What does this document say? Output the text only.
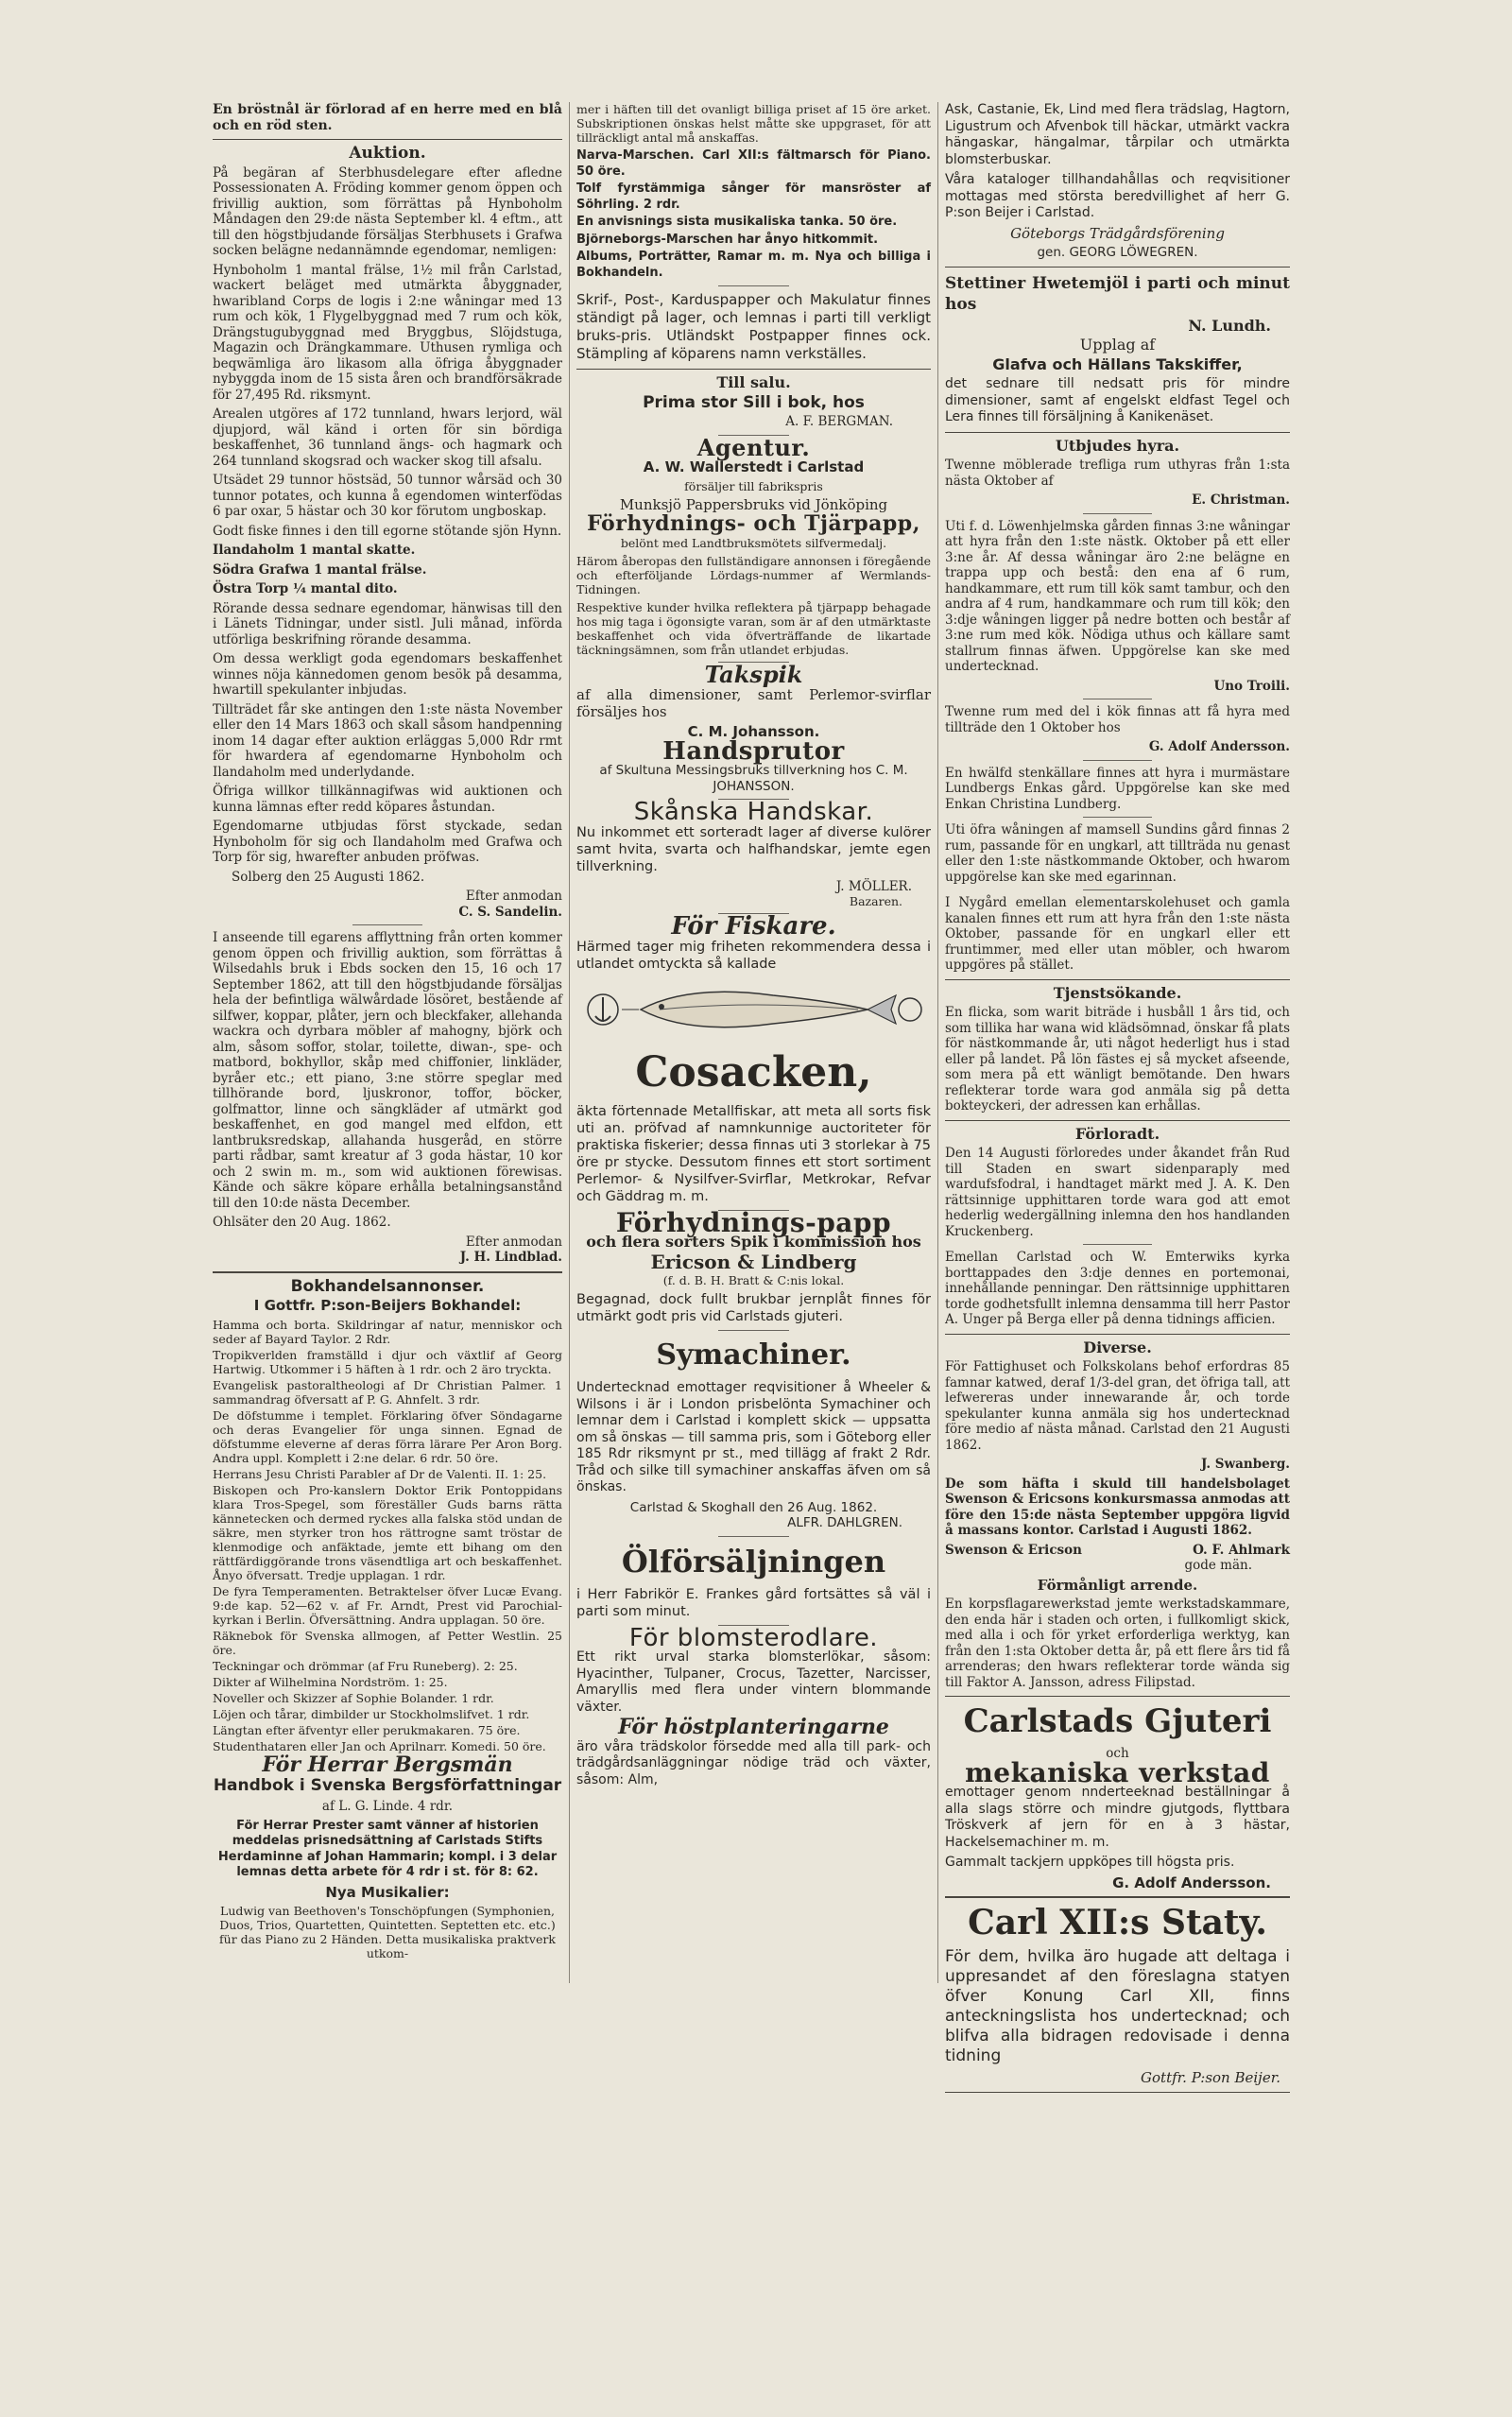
En bröstnål är förlorad af en herre med en blå och en röd sten.

Auktion.

På begäran af Sterbhusdelegare efter afledne Possessionaten A. Fröding kommer genom öppen och frivillig auktion, som förrättas på Hynboholm Måndagen den 29:de nästa September kl. 4 eftm., att till den högstbjudande försäljas Sterbhusets i Grafwa socken belägne nedannämnde egendomar, nemligen:

Hynboholm 1 mantal frälse, 1½ mil från Carlstad, wackert beläget med utmärkta åbyggnader, hwaribland Corps de logis i 2:ne wåningar med 13 rum och kök, 1 Flygelbyggnad med 7 rum och kök, Drängstugubyggnad med Bryggbus, Slöjdstuga, Magazin och Drängkammare. Uthusen rymliga och beqwämliga äro likasom alla öfriga åbyggnader nybyggda inom de 15 sista åren och brandförsäkrade för 27,495 Rd. riksmynt.

Arealen utgöres af 172 tunnland, hwars lerjord, wäl djupjord, wäl känd i orten för sin bördiga beskaffenhet, 36 tunnland ängs- och hagmark och 264 tunnland skogsrad och wacker skog till afsalu.

Utsädet 29 tunnor höstsäd, 50 tunnor wårsäd och 30 tunnor potates, och kunna å egendomen winterfödas 6 par oxar, 5 hästar och 30 kor förutom ungboskap.

Godt fiske finnes i den till egorne stötande sjön Hynn.

Ilandaholm 1 mantal skatte.

Södra Grafwa 1 mantal frälse.

Östra Torp ¼ mantal dito.

Rörande dessa sednare egendomar, hänwisas till den i Länets Tidningar, under sistl. Juli månad, införda utförliga beskrifning rörande desamma.

Om dessa werkligt goda egendomars beskaffenhet winnes nöja kännedomen genom besök på desamma, hwartill spekulanter inbjudas.

Tillträdet får ske antingen den 1:ste nästa November eller den 14 Mars 1863 och skall såsom handpenning inom 14 dagar efter auktion erläggas 5,000 Rdr rmt för hwardera af egendomarne Hynboholm och Ilandaholm med underlydande.

Öfriga willkor tillkännagifwas wid auktionen och kunna lämnas efter redd köpares åstundan.

Egendomarne utbjudas först styckade, sedan Hynboholm för sig och Ilandaholm med Grafwa och Torp för sig, hwarefter anbuden pröfwas.

Solberg den 25 Augusti 1862.

Efter anmodan

C. S. Sandelin.

I anseende till egarens afflyttning från orten kommer genom öppen och frivillig auktion, som förrättas å Wilsedahls bruk i Ebds socken den 15, 16 och 17 September 1862, att till den högstbjudande försäljas hela der befintliga wälwårdade lösöret, bestående af silfwer, koppar, plåter, jern och bleckfaker, allehanda wackra och dyrbara möbler af mahogny, björk och alm, såsom soffor, stolar, toilette, diwan-, spe- och matbord, bokhyllor, skåp med chiffonier, linkläder, byråer etc.; ett piano, 3:ne större speglar med tillhörande bord, ljuskronor, toffor, böcker, golfmattor, linne och sängkläder af utmärkt god beskaffenhet, en god mangel med elfdon, ett lantbruksredskap, allahanda husgeråd, en större parti rådbar, samt kreatur af 3 goda hästar, 10 kor och 2 swin m. m., som wid auktionen förewisas. Kände och säkre köpare erhålla betalningsanstånd till den 10:de nästa December.

Ohlsäter den 20 Aug. 1862.

Efter anmodan

J. H. Lindblad.

Bokhandelsannonser.
I Gottfr. P:son-Beijers Bokhandel:

Hamma och borta. Skildringar af natur, menniskor och seder af Bayard Taylor. 2 Rdr.

Tropikverlden framställd i djur och växtlif af Georg Hartwig. Utkommer i 5 häften à 1 rdr. och 2 äro tryckta.

Evangelisk pastoraltheologi af Dr Christian Palmer. 1 sammandrag öfversatt af P. G. Ahnfelt. 3 rdr.

De döfstumme i templet. Förklaring öfver Söndagarne och deras Evangelier för unga sinnen. Egnad de döfstumme eleverne af deras förra lärare Per Aron Borg. Andra uppl. Komplett i 2:ne delar. 6 rdr. 50 öre.

Herrans Jesu Christi Parabler af Dr de Valenti. II. 1: 25.

Biskopen och Pro-kanslern Doktor Erik Pontoppidans klara Tros-Spegel, som föreställer Guds barns rätta kännetecken och dermed ryckes alla falska stöd undan de säkre, men styrker tron hos rättrogne samt tröstar de klenmodige och anfäktade, jemte ett bihang om den rättfärdiggörande trons väsendtliga art och beskaffenhet. Ånyo öfversatt. Tredje upplagan. 1 rdr.

De fyra Temperamenten. Betraktelser öfver Lucæ Evang. 9:de kap. 52—62 v. af Fr. Arndt, Prest vid Parochial-kyrkan i Berlin. Öfversättning. Andra upplagan. 50 öre.

Räknebok för Svenska allmogen, af Petter Westlin. 25 öre.

Teckningar och drömmar (af Fru Runeberg). 2: 25.

Dikter af Wilhelmina Nordström. 1: 25.

Noveller och Skizzer af Sophie Bolander. 1 rdr.

Löjen och tårar, dimbilder ur Stockholmslifvet. 1 rdr.

Längtan efter äfventyr eller perukmakaren. 75 öre.

Studenthataren eller Jan och Aprilnarr. Komedi. 50 öre.

För Herrar Bergsmän
Handbok i Svenska Bergsförfattningar

af L. G. Linde. 4 rdr.

För Herrar Prester samt vänner af historien meddelas prisnedsättning af Carlstads Stifts Herdaminne af Johan Hammarin; kompl. i 3 delar lemnas detta arbete för 4 rdr i st. för 8: 62.

Nya Musikalier:

Ludwig van Beethoven's Tonschöpfungen (Symphonien, Duos, Trios, Quartetten, Quintetten. Septetten etc. etc.) für das Piano zu 2 Händen. Detta musikaliska praktverk utkom-

mer i häften till det ovanligt billiga priset af 15 öre arket. Subskriptionen önskas helst måtte ske uppgraset, för att tillräckligt antal må anskaffas.

Narva-Marschen. Carl XII:s fältmarsch för Piano. 50 öre.

Tolf fyrstämmiga sånger för mansröster af Söhrling. 2 rdr.

En anvisnings sista musikaliska tanka. 50 öre.

Björneborgs-Marschen har ånyo hitkommit.

Albums, Porträtter, Ramar m. m. Nya och billiga i Bokhandeln.

Skrif-, Post-, Karduspapper och Makulatur finnes ständigt på lager, och lemnas i parti till verkligt bruks-pris. Utländskt Postpapper finnes ock. Stämpling af köparens namn verkställes.

Till salu.

Prima stor Sill i bok, hos

A. F. BERGMAN.

Agentur.

A. W. Wallerstedt i Carlstad

försäljer till fabrikspris

Munksjö Pappersbruks vid Jönköping

Förhydnings- och Tjärpapp,

belönt med Landtbruksmötets silfvermedalj.

Härom åberopas den fullständigare annonsen i föregående och efterföljande Lördags-nummer af Wermlands-Tidningen.

Respektive kunder hvilka reflektera på tjärpapp behagade hos mig taga i ögonsigte varan, som är af den utmärktaste beskaffenhet och vida öfverträffande de likartade täckningsämnen, som från utlandet erbjudas.

Takspik

af alla dimensioner, samt Perlemor-svirflar försäljes hos

C. M. Johansson.

Handsprutor

af Skultuna Messingsbruks tillverkning hos C. M. JOHANSSON.

Skånska Handskar.

Nu inkommet ett sorteradt lager af diverse kulörer samt hvita, svarta och halfhandskar, jemte egen tillverkning.

J. MÖLLER.

Bazaren.

För Fiskare.

Härmed tager mig friheten rekommendera dessa i utlandet omtyckta så kallade

Cosacken,

äkta förtennade Metallfiskar, att meta all sorts fisk uti an. pröfvad af namnkunnige auctoriteter för praktiska fiskerier; dessa finnas uti 3 storlekar à 75 öre pr stycke. Dessutom finnes ett stort sortiment Perlemor- & Nysilfver-Svirflar, Metkrokar, Refvar och Gäddrag m. m.

Förhydnings-papp

och flera sorters Spik i kommission hos

Ericson & Lindberg

(f. d. B. H. Bratt & C:nis lokal.

Begagnad, dock fullt brukbar jernplåt finnes för utmärkt godt pris vid Carlstads gjuteri.

Symachiner.

Undertecknad emottager reqvisitioner å Wheeler & Wilsons i är i London prisbelönta Symachiner och lemnar dem i Carlstad i komplett skick — uppsatta om så önskas — till samma pris, som i Göteborg eller 185 Rdr riksmynt pr st., med tillägg af frakt 2 Rdr. Tråd och silke till symachiner anskaffas äfven om så önskas.

Carlstad & Skoghall den 26 Aug. 1862.

ALFR. DAHLGREN.

Ölförsäljningen

i Herr Fabrikör E. Frankes gård fortsättes så väl i parti som minut.

För blomsterodlare.

Ett rikt urval starka blomsterlökar, såsom: Hyacinther, Tulpaner, Crocus, Tazetter, Narcisser, Amaryllis med flera under vintern blommande växter.

För höstplanteringarne

äro våra trädskolor försedde med alla till park- och trädgårdsanläggningar nödige träd och växter, såsom: Alm,

Ask, Castanie, Ek, Lind med flera trädslag, Hagtorn, Ligustrum och Afvenbok till häckar, utmärkt vackra hängaskar, hängalmar, tårpilar och utmärkta blomsterbuskar.

Våra kataloger tillhandahållas och reqvisitioner mottagas med största beredvillighet af herr G. P:son Beijer i Carlstad.

Göteborgs Trädgårdsförening

gen. GEORG LÖWEGREN.

Stettiner Hwetemjöl i parti och minut hos

N. Lundh.

Upplag af

Glafva och Hällans Takskiffer,

det sednare till nedsatt pris för mindre dimensioner, samt af engelskt eldfast Tegel och Lera finnes till försäljning å Kanikenäset.

Utbjudes hyra.

Twenne möblerade trefliga rum uthyras från 1:sta nästa Oktober af

E. Christman.

Uti f. d. Löwenhjelmska gården finnas 3:ne wåningar att hyra från den 1:ste nästk. Oktober på ett eller 3:ne år. Af dessa wåningar äro 2:ne belägne en trappa upp och bestå: den ena af 6 rum, handkammare, ett rum till kök samt tambur, och den andra af 4 rum, handkammare och rum till kök; den 3:dje wåningen ligger på nedre botten och består af 3:ne rum med kök. Nödiga uthus och källare samt stallrum finnas äfwen. Uppgörelse kan ske med undertecknad.

Uno Troili.

Twenne rum med del i kök finnas att få hyra med tillträde den 1 Oktober hos

G. Adolf Andersson.

En hwälfd stenkällare finnes att hyra i murmästare Lundbergs Enkas gård. Uppgörelse kan ske med Enkan Christina Lundberg.

Uti öfra wåningen af mamsell Sundins gård finnas 2 rum, passande för en ungkarl, att tillträda nu genast eller den 1:ste nästkommande Oktober, och hwarom uppgörelse kan ske med egarinnan.

I Nygård emellan elementarskolehuset och gamla kanalen finnes ett rum att hyra från den 1:ste nästa Oktober, passande för en ungkarl eller ett fruntimmer, med eller utan möbler, och hwarom uppgöres på stället.

Tjenstsökande.

En flicka, som warit biträde i husbåll 1 års tid, och som tillika har wana wid klädsömnad, önskar få plats för nästkommande år, uti något hederligt hus i stad eller på landet. På lön fästes ej så mycket afseende, som mera på ett wänligt bemötande. Den hwars reflekterar torde wara god anmäla sig på detta bokteyckeri, der adressen kan erhållas.

Förloradt.

Den 14 Augusti förloredes under åkandet från Rud till Staden en swart sidenparaply med wardufsfodral, i handtaget märkt med J. A. K. Den rättsinnige upphittaren torde wara god att emot hederlig wedergällning inlemna den hos handlanden Kruckenberg.

Emellan Carlstad och W. Emterwiks kyrka borttappades den 3:dje dennes en portemonai, innehållande penningar. Den rättsinnige upphittaren torde godhetsfullt inlemna densamma till herr Pastor A. Unger på Berga eller på denna tidnings afficien.

Diverse.

För Fattighuset och Folkskolans behof erfordras 85 famnar katwed, deraf 1/3-del gran, det öfriga tall, att lefwereras under innewarande år, och torde spekulanter kunna anmäla sig hos undertecknad före medio af nästa månad. Carlstad den 21 Augusti 1862.

J. Swanberg.

De som häfta i skuld till handelsbolaget Swenson & Ericsons konkursmassa anmodas att före den 15:de nästa September uppgöra ligvid å massans kontor. Carlstad i Augusti 1862.

Swenson & Ericson	O. F. Ahlmark

gode män.

Förmånligt arrende.

En korpsflagarewerkstad jemte werkstadskammare, den enda här i staden och orten, i fullkomligt skick, med alla i och för yrket erforderliga werktyg, kan från den 1:sta Oktober detta år, på ett flere års tid få arrenderas; den hwars reflekterar torde wända sig till Faktor A. Jansson, adress Filipstad.

Carlstads Gjuteri

och

mekaniska verkstad

emottager genom nnderteeknad beställningar å alla slags större och mindre gjutgods, flyttbara Tröskverk af jern för en à 3 hästar, Hackelsemachiner m. m.

Gammalt tackjern uppköpes till högsta pris.

G. Adolf Andersson.

Carl XII:s Staty.

För dem, hvilka äro hugade att deltaga i uppresandet af den föreslagna statyen öfver Konung Carl XII, finns anteckningslista hos undertecknad; och blifva alla bidragen redovisade i denna tidning

Gottfr. P:son Beijer.
